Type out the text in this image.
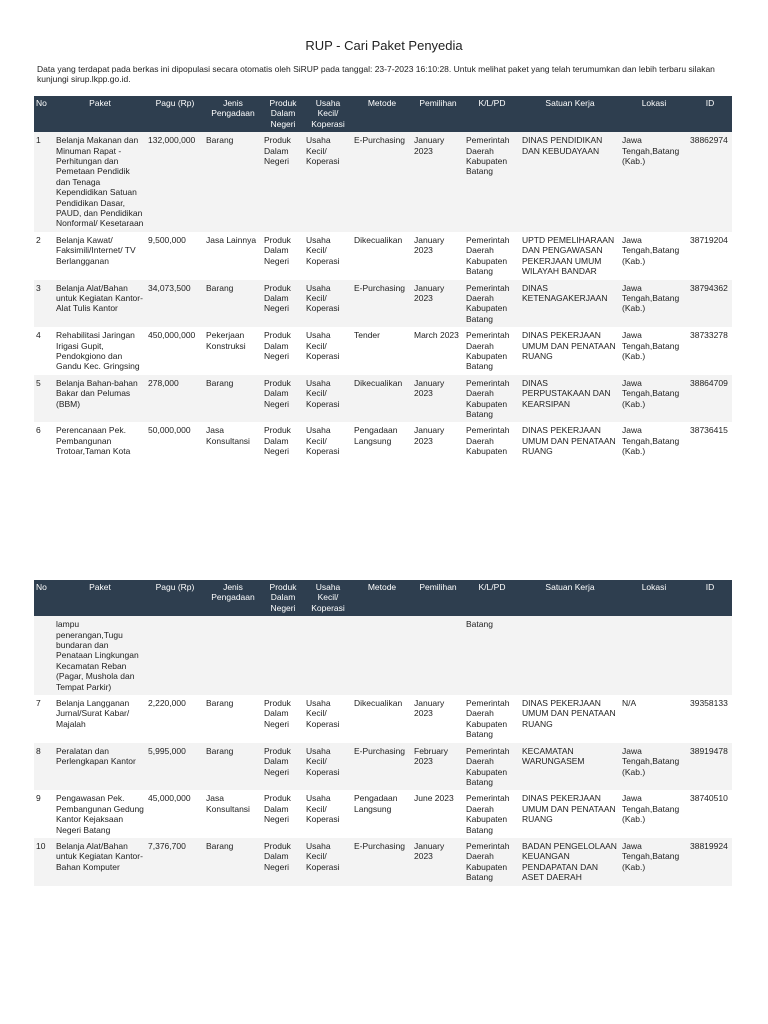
RUP - Cari Paket Penyedia
Data yang terdapat pada berkas ini dipopulasi secara otomatis oleh SiRUP pada tanggal: 23-7-2023 16:10:28. Untuk melihat paket yang telah terumumkan dan lebih terbaru silakan kunjungi sirup.lkpp.go.id.
No	Paket	Pagu (Rp)	Jenis Pengadaan	Produk Dalam Negeri	Usaha Kecil/ Koperasi	Metode	Pemilihan	K/L/PD	Satuan Kerja	Lokasi	ID
1	Belanja Makanan dan Minuman Rapat - Perhitungan dan Pemetaan Pendidik dan Tenaga Kependidikan Satuan Pendidikan Dasar, PAUD, dan Pendidikan Nonformal/ Kesetaraan	132,000,000	Barang	Produk Dalam Negeri	Usaha Kecil/ Koperasi	E-Purchasing	January 2023	Pemerintah Daerah Kabupaten Batang	DINAS PENDIDIKAN DAN KEBUDAYAAN	Jawa Tengah,Batang (Kab.)	38862974
2	Belanja Kawat/ Faksimili/Internet/ TV Berlangganan	9,500,000	Jasa Lainnya	Produk Dalam Negeri	Usaha Kecil/ Koperasi	Dikecualikan	January 2023	Pemerintah Daerah Kabupaten Batang	UPTD PEMELIHARAAN DAN PENGAWASAN PEKERJAAN UMUM WILAYAH BANDAR	Jawa Tengah,Batang (Kab.)	38719204
3	Belanja Alat/Bahan untuk Kegiatan Kantor-Alat Tulis Kantor	34,073,500	Barang	Produk Dalam Negeri	Usaha Kecil/ Koperasi	E-Purchasing	January 2023	Pemerintah Daerah Kabupaten Batang	DINAS KETENAGAKERJAAN	Jawa Tengah,Batang (Kab.)	38794362
4	Rehabilitasi Jaringan Irigasi Gupit, Pendokgiono dan Gandu Kec. Gringsing	450,000,000	Pekerjaan Konstruksi	Produk Dalam Negeri	Usaha Kecil/ Koperasi	Tender	March 2023	Pemerintah Daerah Kabupaten Batang	DINAS PEKERJAAN UMUM DAN PENATAAN RUANG	Jawa Tengah,Batang (Kab.)	38733278
5	Belanja Bahan-bahan Bakar dan Pelumas (BBM)	278,000	Barang	Produk Dalam Negeri	Usaha Kecil/ Koperasi	Dikecualikan	January 2023	Pemerintah Daerah Kabupaten Batang	DINAS PERPUSTAKAAN DAN KEARSIPAN	Jawa Tengah,Batang (Kab.)	38864709
6	Perencanaan Pek. Pembangunan Trotoar,Taman Kota	50,000,000	Jasa Konsultansi	Produk Dalam Negeri	Usaha Kecil/ Koperasi	Pengadaan Langsung	January 2023	Pemerintah Daerah Kabupaten	DINAS PEKERJAAN UMUM DAN PENATAAN RUANG	Jawa Tengah,Batang (Kab.)	38736415
No	Paket	Pagu (Rp)	Jenis Pengadaan	Produk Dalam Negeri	Usaha Kecil/ Koperasi	Metode	Pemilihan	K/L/PD	Satuan Kerja	Lokasi	ID
	lampu penerangan,Tugu bundaran dan Penataan Lingkungan Kecamatan Reban (Pagar, Mushola dan Tempat Parkir)							Batang			
7	Belanja Langganan Jurnal/Surat Kabar/ Majalah	2,220,000	Barang	Produk Dalam Negeri	Usaha Kecil/ Koperasi	Dikecualikan	January 2023	Pemerintah Daerah Kabupaten Batang	DINAS PEKERJAAN UMUM DAN PENATAAN RUANG	N/A	39358133
8	Peralatan dan Perlengkapan Kantor	5,995,000	Barang	Produk Dalam Negeri	Usaha Kecil/ Koperasi	E-Purchasing	February 2023	Pemerintah Daerah Kabupaten Batang	KECAMATAN WARUNGASEM	Jawa Tengah,Batang (Kab.)	38919478
9	Pengawasan Pek. Pembangunan Gedung Kantor Kejaksaan Negeri Batang	45,000,000	Jasa Konsultansi	Produk Dalam Negeri	Usaha Kecil/ Koperasi	Pengadaan Langsung	June 2023	Pemerintah Daerah Kabupaten Batang	DINAS PEKERJAAN UMUM DAN PENATAAN RUANG	Jawa Tengah,Batang (Kab.)	38740510
10	Belanja Alat/Bahan untuk Kegiatan Kantor-Bahan Komputer	7,376,700	Barang	Produk Dalam Negeri	Usaha Kecil/ Koperasi	E-Purchasing	January 2023	Pemerintah Daerah Kabupaten Batang	BADAN PENGELOLAAN KEUANGAN PENDAPATAN DAN ASET DAERAH	Jawa Tengah,Batang (Kab.)	38819924
